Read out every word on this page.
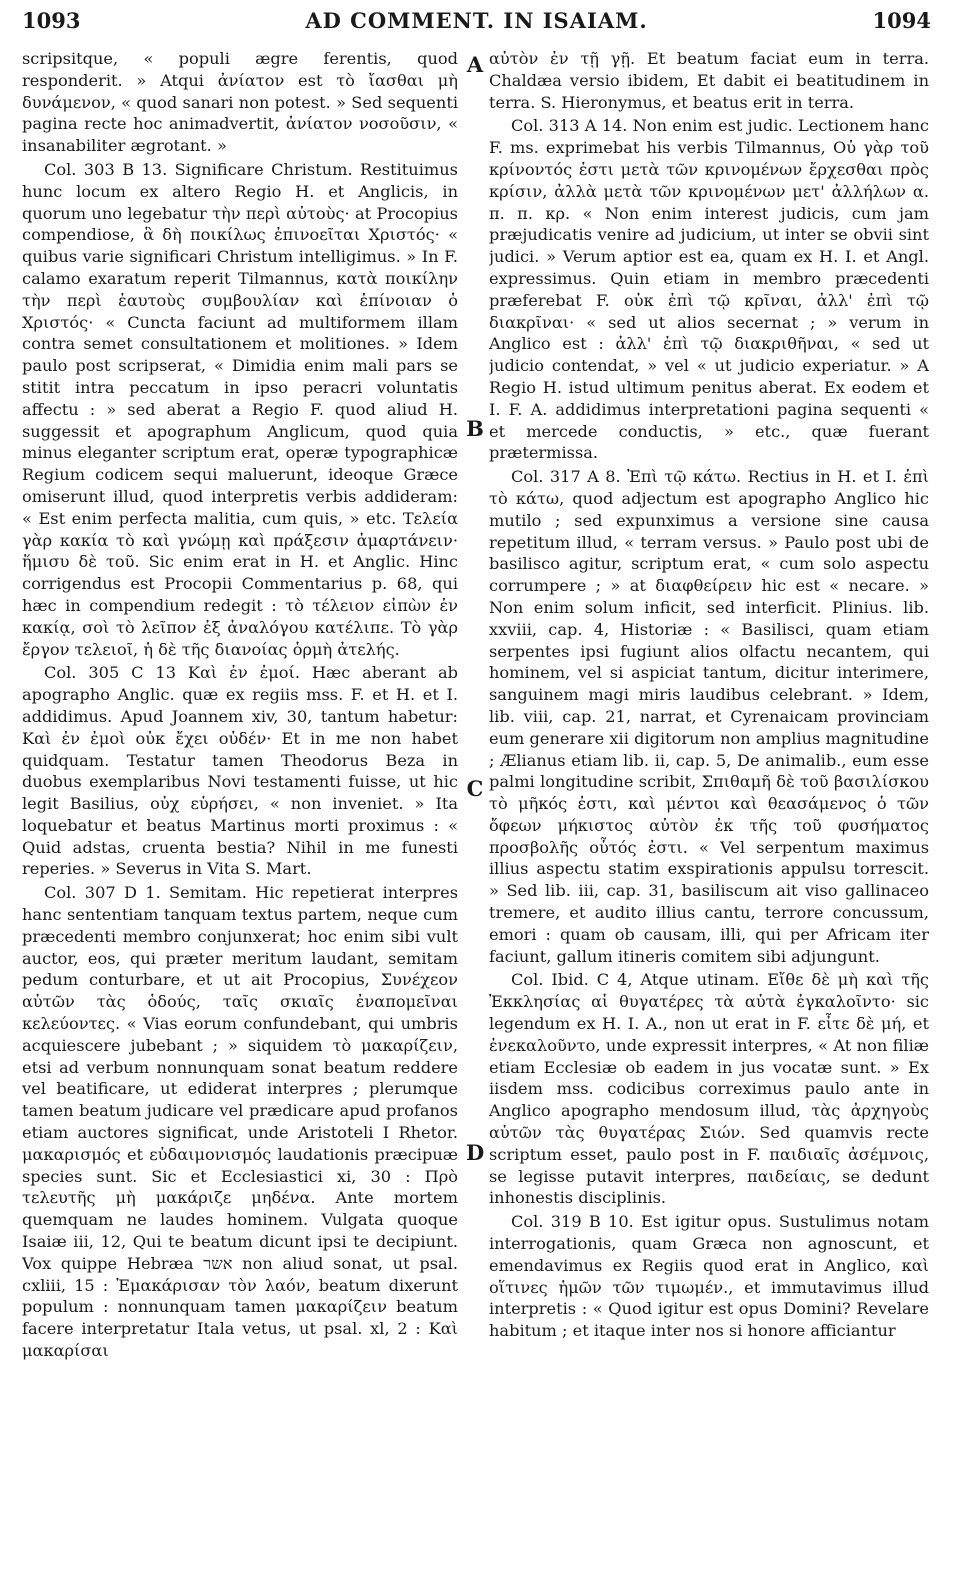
1093	AD COMMENT. IN ISAIAM.	1094

scripsitque, « populi ægre ferentis, quod responderit. » Atqui ἀνίατον est τὸ ἴασθαι μὴ δυνάμενον, « quod sanari non potest. » Sed sequenti pagina recte hoc animadvertit, ἀνίατον νοσοῦσιν, « insanabiliter ægrotant. »

Col. 303 B 13. Significare Christum. Restituimus hunc locum ex altero Regio H. et Anglicis, in quorum uno legebatur τὴν περὶ αὐτοὺς· at Procopius compendiose, ἃ δὴ ποικίλως ἐπινοεῖται Χριστός· « quibus varie significari Christum intelligimus. » In F. calamo exaratum reperit Tilmannus, κατὰ ποικίλην τὴν περὶ ἑαυτοὺς συμβουλίαν καὶ ἐπίνοιαν ὁ Χριστός· « Cuncta faciunt ad multiformem illam contra semet consultationem et molitiones. » Idem paulo post scripserat, « Dimidia enim mali pars se stitit intra peccatum in ipso peracri voluntatis affectu : » sed aberat a Regio F. quod aliud H. suggessit et apographum Anglicum, quod quia minus eleganter scriptum erat, operæ typographicæ Regium codicem sequi maluerunt, ideoque Græce omiserunt illud, quod interpretis verbis addideram: « Est enim perfecta malitia, cum quis, » etc. Τελεία γὰρ κακία τὸ καὶ γνώμῃ καὶ πράξεσιν ἁμαρτάνειν· ἥμισυ δὲ τοῦ. Sic enim erat in H. et Anglic. Hinc corrigendus est Procopii Commentarius p. 68, qui hæc in compendium redegit : τὸ τέλειον εἰπὼν ἐν κακίᾳ, σοὶ τὸ λεῖπον ἐξ ἀναλόγου κατέλιπε. Τὸ γὰρ ἔργον τελειοῖ, ἡ δὲ τῆς διανοίας ὁρμὴ ἀτελής.

Col. 305 C 13 Καὶ ἐν ἐμοί. Hæc aberant ab apographo Anglic. quæ ex regiis mss. F. et H. et I. addidimus. Apud Joannem xiv, 30, tantum habetur: Καὶ ἐν ἐμοὶ οὐκ ἔχει οὐδέν· Et in me non habet quidquam. Testatur tamen Theodorus Beza in duobus exemplaribus Novi testamenti fuisse, ut hic legit Basilius, οὐχ εὑρήσει, « non inveniet. » Ita loquebatur et beatus Martinus morti proximus : « Quid adstas, cruenta bestia? Nihil in me funesti reperies. » Severus in Vita S. Mart.

Col. 307 D 1. Semitam. Hic repetierat interpres hanc sententiam tanquam textus partem, neque cum præcedenti membro conjunxerat; hoc enim sibi vult auctor, eos, qui præter meritum laudant, semitam pedum conturbare, et ut ait Procopius, Συνέχεον αὐτῶν τὰς ὁδούς, ταῖς σκιαῖς ἐναπομεῖναι κελεύοντες. « Vias eorum confundebant, qui umbris acquiescere jubebant ; » siquidem τὸ μακαρίζειν, etsi ad verbum nonnunquam sonat beatum reddere vel beatificare, ut ediderat interpres ; plerumque tamen beatum judicare vel prædicare apud profanos etiam auctores significat, unde Aristoteli I Rhetor. μακαρισμός et εὐδαιμονισμός laudationis præcipuæ species sunt. Sic et Ecclesiastici xi, 30 : Πρὸ τελευτῆς μὴ μακάριζε μηδένα. Ante mortem quemquam ne laudes hominem. Vulgata quoque Isaiæ iii, 12, Qui te beatum dicunt ipsi te decipiunt. Vox quippe Hebræa אשר non aliud sonat, ut psal. cxliii, 15 : Ἐμακάρισαν τὸν λαόν, beatum dixerunt populum : nonnunquam tamen μακαρίζειν beatum facere interpretatur Itala vetus, ut psal. xl, 2 : Καὶ μακαρίσαι

A
B
C
D

αὐτὸν ἐν τῇ γῇ. Et beatum faciat eum in terra. Chaldæa versio ibidem, Et dabit ei beatitudinem in terra. S. Hieronymus, et beatus erit in terra.

Col. 313 A 14. Non enim est judic. Lectionem hanc F. ms. exprimebat his verbis Tilmannus, Οὐ γὰρ τοῦ κρίνοντός ἐστι μετὰ τῶν κρινομένων ἔρχεσθαι πρὸς κρίσιν, ἀλλὰ μετὰ τῶν κρινομένων μετ' ἀλλήλων α. π. π. κρ. « Non enim interest judicis, cum jam præjudicatis venire ad judicium, ut inter se obvii sint judici. » Verum aptior est ea, quam ex H. I. et Angl. expressimus. Quin etiam in membro præcedenti præferebat F. οὐκ ἐπὶ τῷ κρῖναι, ἀλλ' ἐπὶ τῷ διακρῖναι· « sed ut alios secernat ; » verum in Anglico est : ἀλλ' ἐπὶ τῷ διακριθῆναι, « sed ut judicio contendat, » vel « ut judicio experiatur. » A Regio H. istud ultimum penitus aberat. Ex eodem et I. F. A. addidimus interpretationi pagina sequenti « et mercede conductis, » etc., quæ fuerant prætermissa.

Col. 317 A 8. Ἐπὶ τῷ κάτω. Rectius in H. et I. ἐπὶ τὸ κάτω, quod adjectum est apographo Anglico hic mutilo ; sed expunximus a versione sine causa repetitum illud, « terram versus. » Paulo post ubi de basilisco agitur, scriptum erat, « cum solo aspectu corrumpere ; » at διαφθείρειν hic est « necare. » Non enim solum inficit, sed interficit. Plinius. lib. xxviii, cap. 4, Historiæ : « Basilisci, quam etiam serpentes ipsi fugiunt alios olfactu necantem, qui hominem, vel si aspiciat tantum, dicitur interimere, sanguinem magi miris laudibus celebrant. » Idem, lib. viii, cap. 21, narrat, et Cyrenaicam provinciam eum generare xii digitorum non amplius magnitudine ; Ælianus etiam lib. ii, cap. 5, De animalib., eum esse palmi longitudine scribit, Σπιθαμῆ δὲ τοῦ βασιλίσκου τὸ μῆκός ἐστι, καὶ μέντοι καὶ θεασάμενος ὁ τῶν ὄφεων μήκιστος αὐτὸν ἐκ τῆς τοῦ φυσήματος προσβολῆς οὗτός ἐστι. « Vel serpentum maximus illius aspectu statim exspirationis appulsu torrescit. » Sed lib. iii, cap. 31, basiliscum ait viso gallinaceo tremere, et audito illius cantu, terrore concussum, emori : quam ob causam, illi, qui per Africam iter faciunt, gallum itineris comitem sibi adjungunt.

Col. Ibid. C 4, Atque utinam. Εἴθε δὲ μὴ καὶ τῆς Ἐκκλησίας αἱ θυγατέρες τὰ αὐτὰ ἐγκαλοῖντο· sic legendum ex H. I. A., non ut erat in F. εἶτε δὲ μή, et ἐνεκαλοῦντο, unde expressit interpres, « At non filiæ etiam Ecclesiæ ob eadem in jus vocatæ sunt. » Ex iisdem mss. codicibus correximus paulo ante in Anglico apographo mendosum illud, τὰς ἀρχηγοὺς αὐτῶν τὰς θυγατέρας Σιών. Sed quamvis recte scriptum esset, paulo post in F. παιδιαῖς ἀσέμνοις, se legisse putavit interpres, παιδείαις, se dedunt inhonestis disciplinis.

Col. 319 B 10. Est igitur opus. Sustulimus notam interrogationis, quam Græca non agnoscunt, et emendavimus ex Regiis quod erat in Anglico, καὶ οἵτινες ἡμῶν τῶν τιμωμέν., et immutavimus illud interpretis : « Quod igitur est opus Domini? Revelare habitum ; et itaque inter nos si honore afficiantur
